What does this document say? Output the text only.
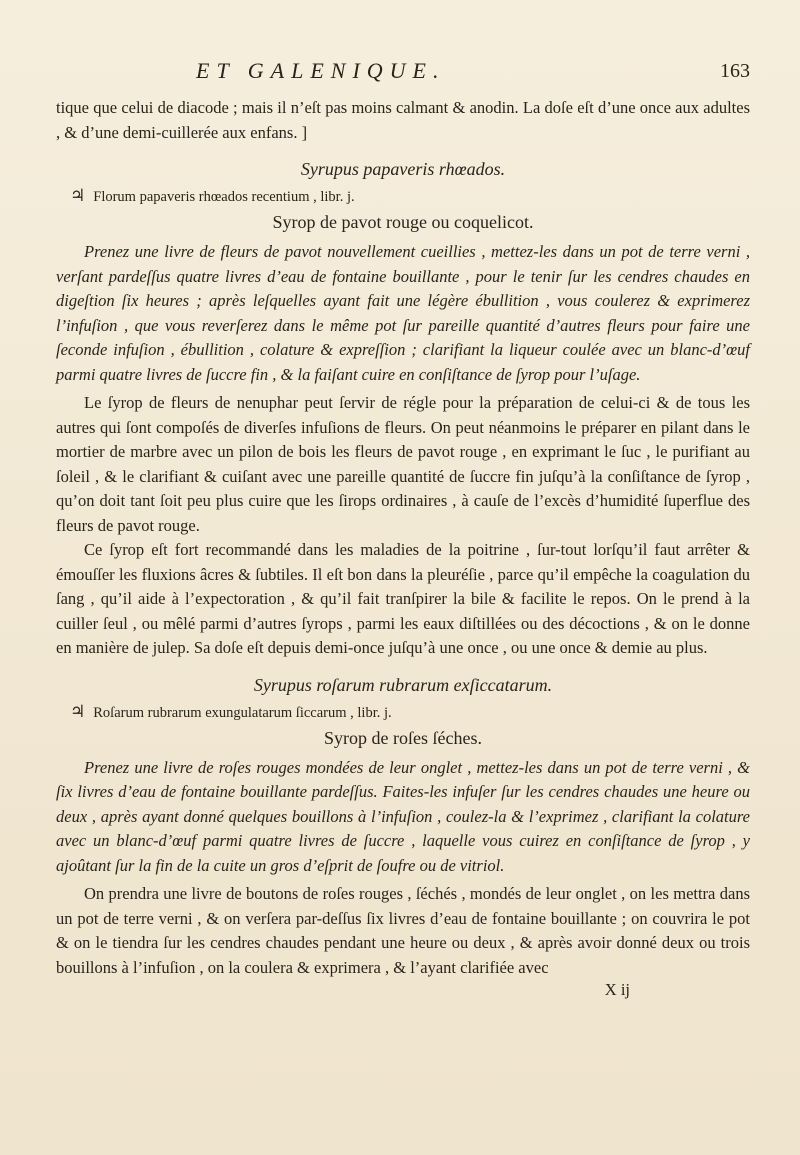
ET GALENIQUE.	163

tique que celui de diacode ; mais il n’eſt pas moins calmant & anodin. La doſe eſt d’une once aux adultes , & d’une demi-cuillerée aux enfans. ]

Syrupus papaveris rhœados.

♃ Florum papaveris rhœados recentium , libr. j.

Syrop de pavot rouge ou coquelicot.

Prenez une livre de fleurs de pavot nouvellement cueillies , mettez-les dans un pot de terre verni , verſant pardeſſus quatre livres d’eau de fontaine bouillante , pour le tenir ſur les cendres chaudes en digeſtion ſix heures ; après leſquelles ayant fait une légère ébullition , vous coulerez & exprimerez l’infuſion , que vous reverſerez dans le même pot ſur pareille quantité d’autres fleurs pour faire une ſeconde infuſion , ébullition , colature & expreſſion ; clarifiant la liqueur coulée avec un blanc-d’œuf parmi quatre livres de ſuccre fin , & la faiſant cuire en conſiſtance de ſyrop pour l’uſage.

Le ſyrop de fleurs de nenuphar peut ſervir de régle pour la préparation de celui-ci & de tous les autres qui ſont compoſés de diverſes infuſions de fleurs. On peut néanmoins le préparer en pilant dans le mortier de marbre avec un pilon de bois les fleurs de pavot rouge , en exprimant le ſuc , le purifiant au ſoleil , & le clarifiant & cuiſant avec une pareille quantité de ſuccre fin juſqu’à la conſiſtance de ſyrop , qu’on doit tant ſoit peu plus cuire que les ſirops ordinaires , à cauſe de l’excès d’humidité ſuperflue des fleurs de pavot rouge.

Ce ſyrop eſt fort recommandé dans les maladies de la poitrine , ſur-tout lorſqu’il faut arrêter & émouſſer les fluxions âcres & ſubtiles. Il eſt bon dans la pleuréſie , parce qu’il empêche la coagulation du ſang , qu’il aide à l’expectoration , & qu’il fait tranſpirer la bile & facilite le repos. On le prend à la cuiller ſeul , ou mêlé parmi d’autres ſyrops , parmi les eaux diſtillées ou des décoctions , & on le donne en manière de julep. Sa doſe eſt depuis demi-once juſqu’à une once , ou une once & demie au plus.

Syrupus roſarum rubrarum exſiccatarum.

♃ Roſarum rubrarum exungulatarum ſiccarum , libr. j.

Syrop de roſes ſéches.

Prenez une livre de roſes rouges mondées de leur onglet , mettez-les dans un pot de terre verni , & ſix livres d’eau de fontaine bouillante pardeſſus. Faites-les infuſer ſur les cendres chaudes une heure ou deux , après ayant donné quelques bouillons à l’infuſion , coulez-la & l’exprimez , clarifiant la colature avec un blanc-d’œuf parmi quatre livres de ſuccre , laquelle vous cuirez en conſiſtance de ſyrop , y ajoûtant ſur la fin de la cuite un gros d’eſprit de ſoufre ou de vitriol.

On prendra une livre de boutons de roſes rouges , ſéchés , mondés de leur onglet , on les mettra dans un pot de terre verni , & on verſera par-deſſus ſix livres d’eau de fontaine bouillante ; on couvrira le pot & on le tiendra ſur les cendres chaudes pendant une heure ou deux , & après avoir donné deux ou trois bouillons à l’infuſion , on la coulera & exprimera , & l’ayant clarifiée avec

X ij
